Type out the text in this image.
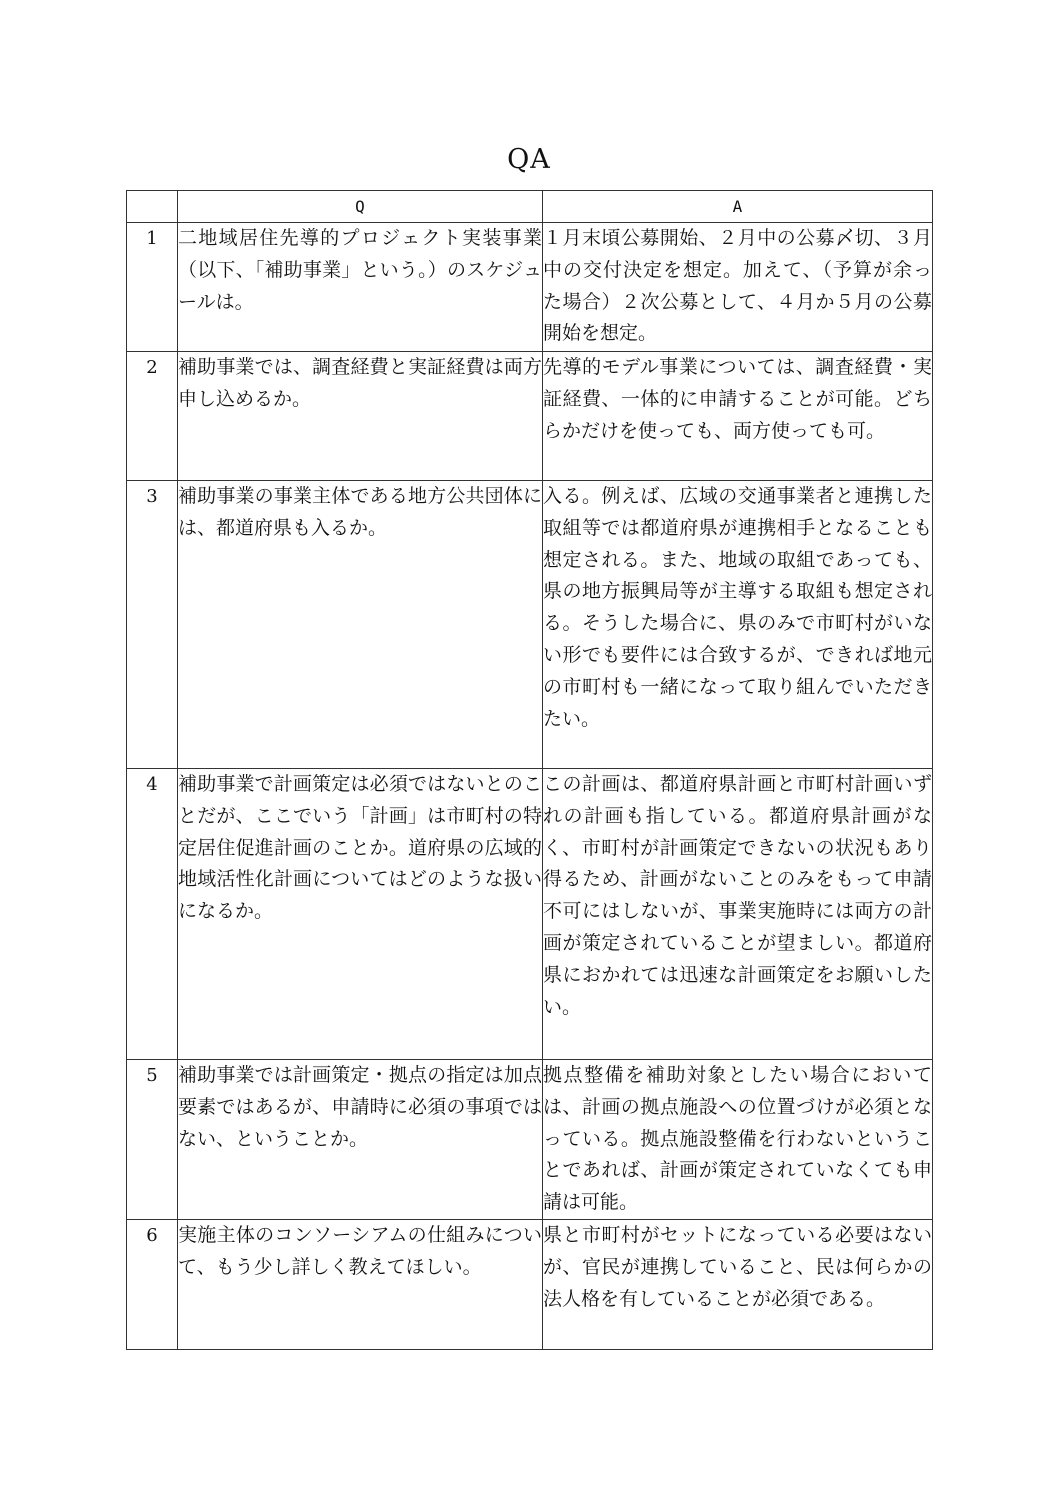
QA
	Q	A
1	二地域居住先導的プロジェクト実装事業（以下、「補助事業」という。）のスケジュールは。	１月末頃公募開始、２月中の公募〆切、３月中の交付決定を想定。加えて、（予算が余った場合）２次公募として、４月か５月の公募開始を想定。
2	補助事業では、調査経費と実証経費は両方申し込めるか。	先導的モデル事業については、調査経費・実証経費、一体的に申請することが可能。どちらかだけを使っても、両方使っても可。
3	補助事業の事業主体である地方公共団体には、都道府県も入るか。	入る。例えば、広域の交通事業者と連携した取組等では都道府県が連携相手となることも想定される。また、地域の取組であっても、県の地方振興局等が主導する取組も想定される。そうした場合に、県のみで市町村がいない形でも要件には合致するが、できれば地元の市町村も一緒になって取り組んでいただきたい。
4	補助事業で計画策定は必須ではないとのことだが、ここでいう「計画」は市町村の特定居住促進計画のことか。道府県の広域的地域活性化計画についてはどのような扱いになるか。	この計画は、都道府県計画と市町村計画いずれの計画も指している。都道府県計画がなく、市町村が計画策定できないの状況もあり得るため、計画がないことのみをもって申請不可にはしないが、事業実施時には両方の計画が策定されていることが望ましい。都道府県におかれては迅速な計画策定をお願いしたい。
5	補助事業では計画策定・拠点の指定は加点要素ではあるが、申請時に必須の事項ではない、ということか。	拠点整備を補助対象としたい場合においては、計画の拠点施設への位置づけが必須となっている。拠点施設整備を行わないということであれば、計画が策定されていなくても申請は可能。
6	実施主体のコンソーシアムの仕組みについて、もう少し詳しく教えてほしい。	県と市町村がセットになっている必要はないが、官民が連携していること、民は何らかの法人格を有していることが必須である。
